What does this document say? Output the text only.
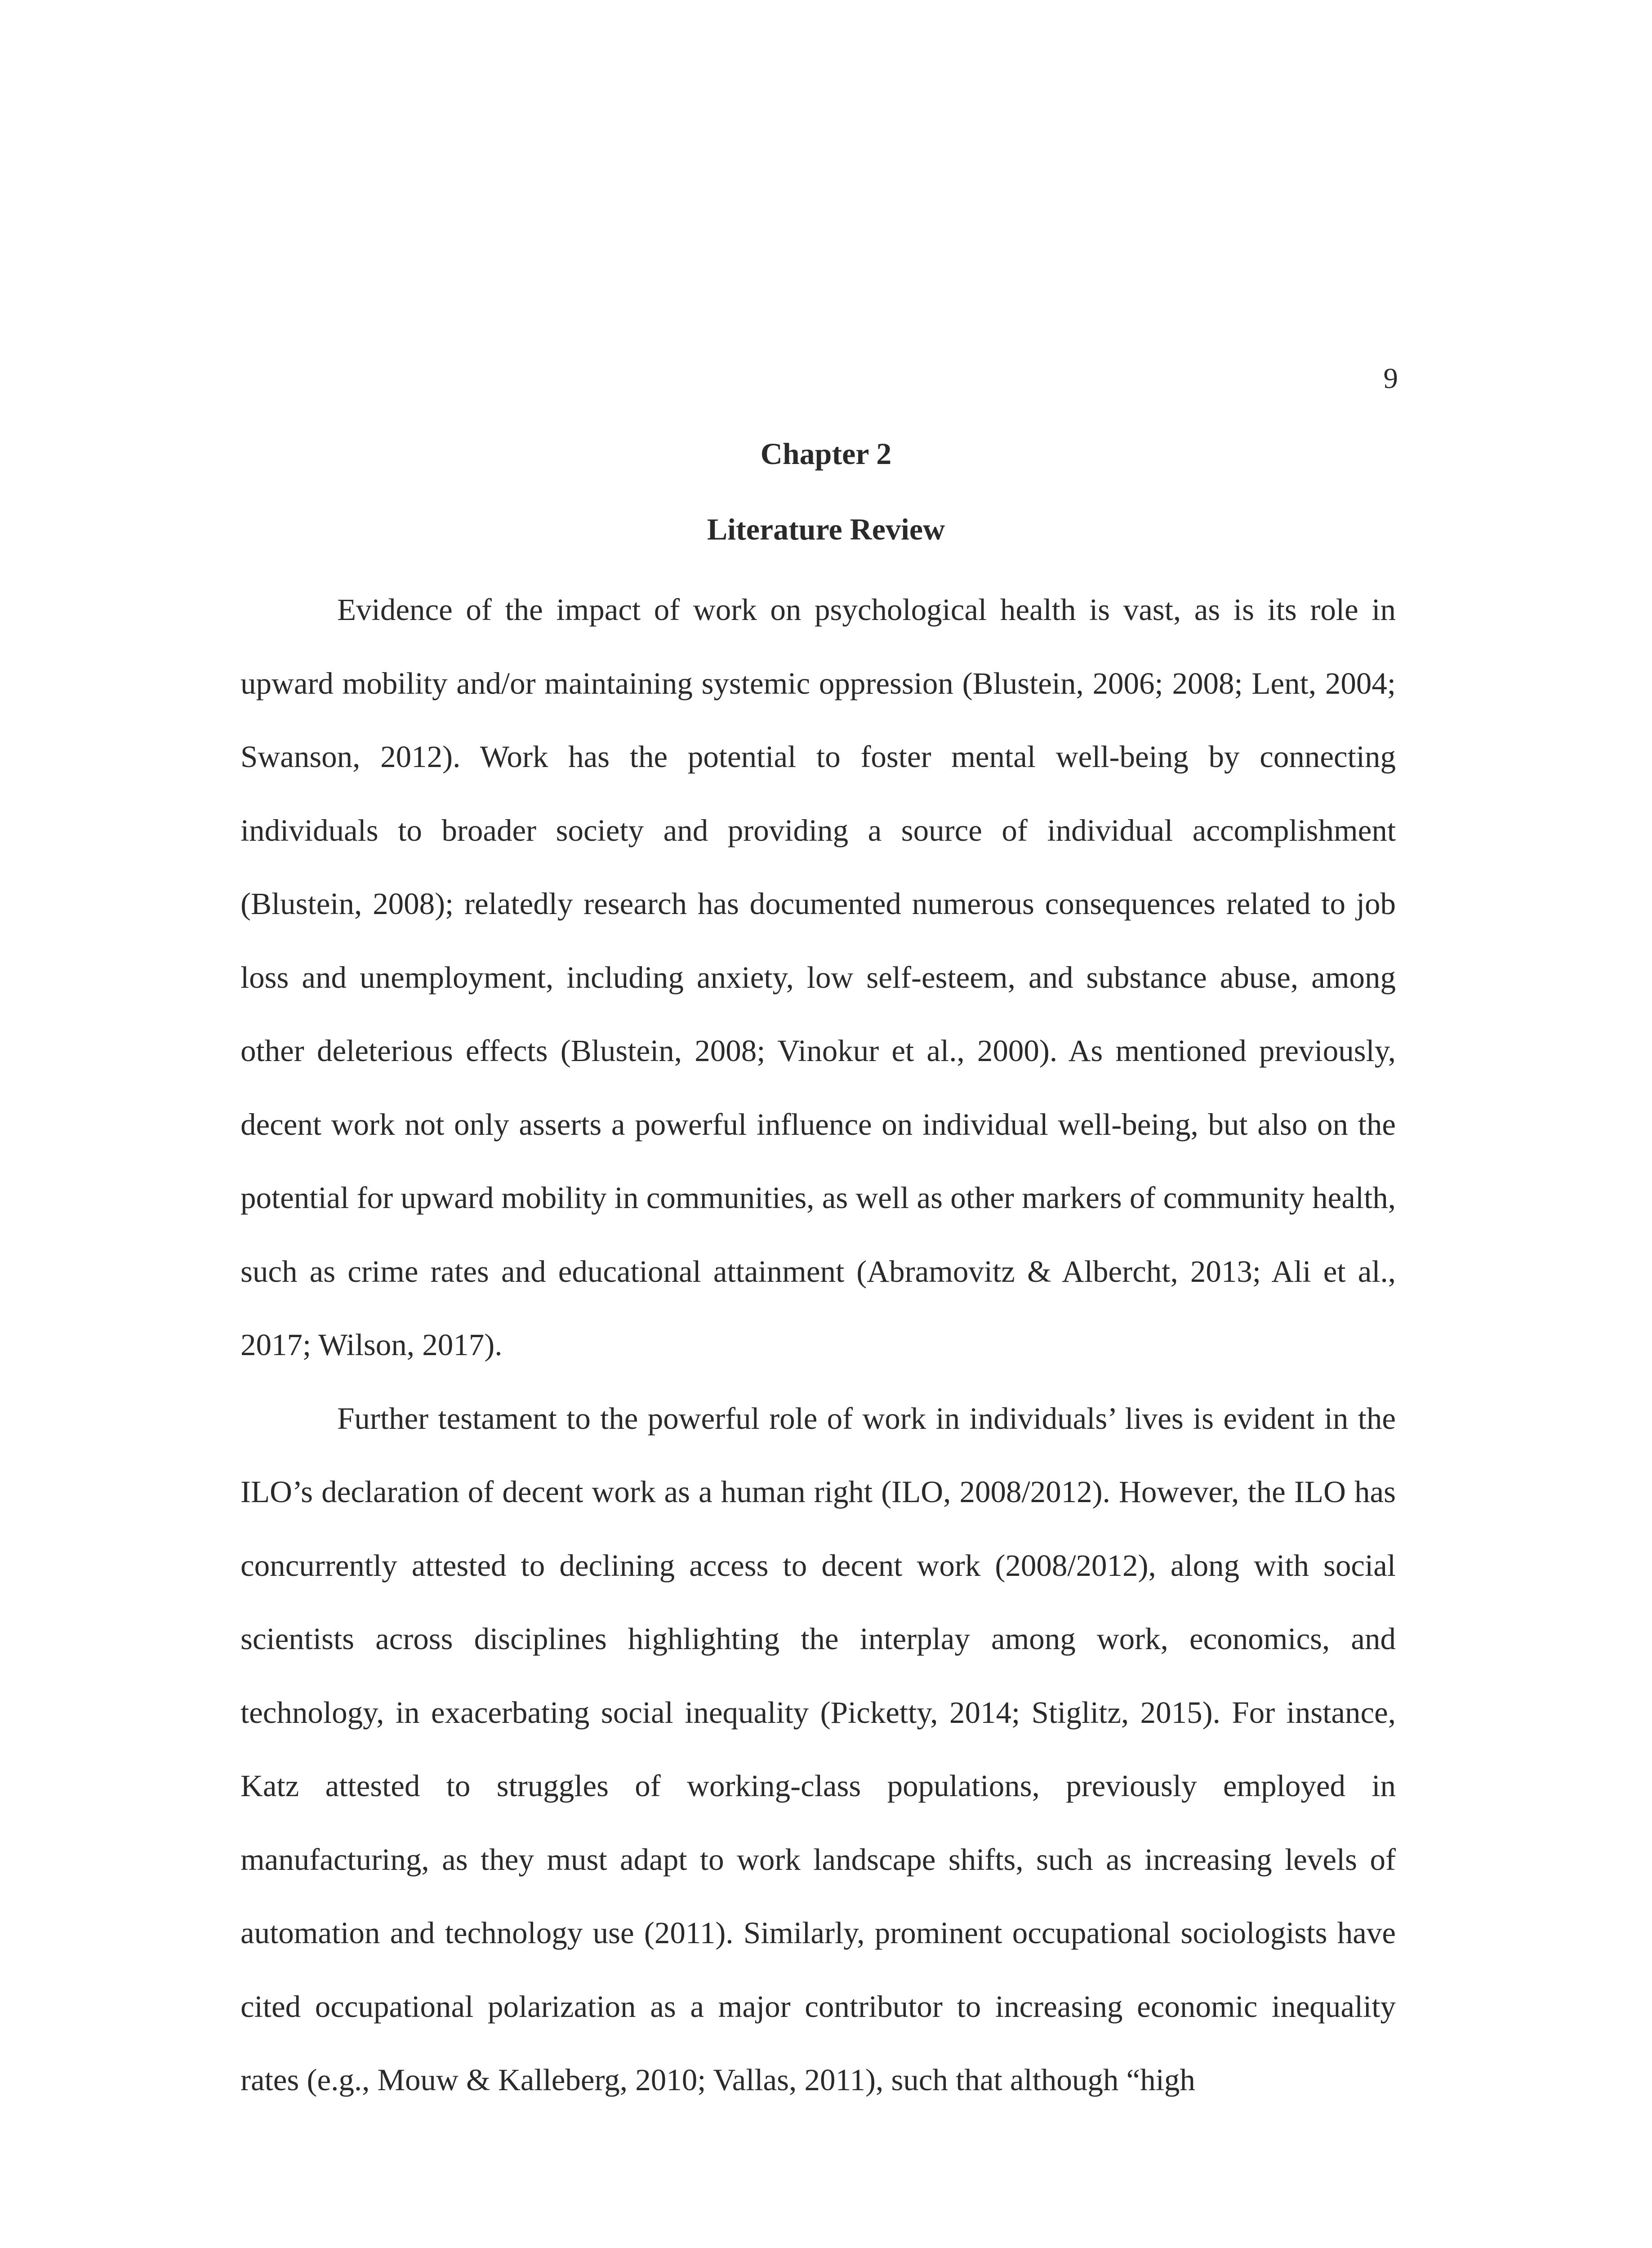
9
Chapter 2
Literature Review

Evidence of the impact of work on psychological health is vast, as is its role in upward mobility and/or maintaining systemic oppression (Blustein, 2006; 2008; Lent, 2004; Swanson, 2012). Work has the potential to foster mental well-being by connecting individuals to broader society and providing a source of individual accomplishment (Blustein, 2008); relatedly research has documented numerous consequences related to job loss and unemployment, including anxiety, low self-esteem, and substance abuse, among other deleterious effects (Blustein, 2008; Vinokur et al., 2000). As mentioned previously, decent work not only asserts a powerful influence on individual well-being, but also on the potential for upward mobility in communities, as well as other markers of community health, such as crime rates and educational attainment (Abramovitz & Albercht, 2013; Ali et al., 2017; Wilson, 2017).

Further testament to the powerful role of work in individuals’ lives is evident in the ILO’s declaration of decent work as a human right (ILO, 2008/2012). However, the ILO has concurrently attested to declining access to decent work (2008/2012), along with social scientists across disciplines highlighting the interplay among work, economics, and technology, in exacerbating social inequality (Picketty, 2014; Stiglitz, 2015). For instance, Katz attested to struggles of working-class populations, previously employed in manufacturing, as they must adapt to work landscape shifts, such as increasing levels of automation and technology use (2011). Similarly, prominent occupational sociologists have cited occupational polarization as a major contributor to increasing economic inequality rates (e.g., Mouw & Kalleberg, 2010; Vallas, 2011), such that although “high
